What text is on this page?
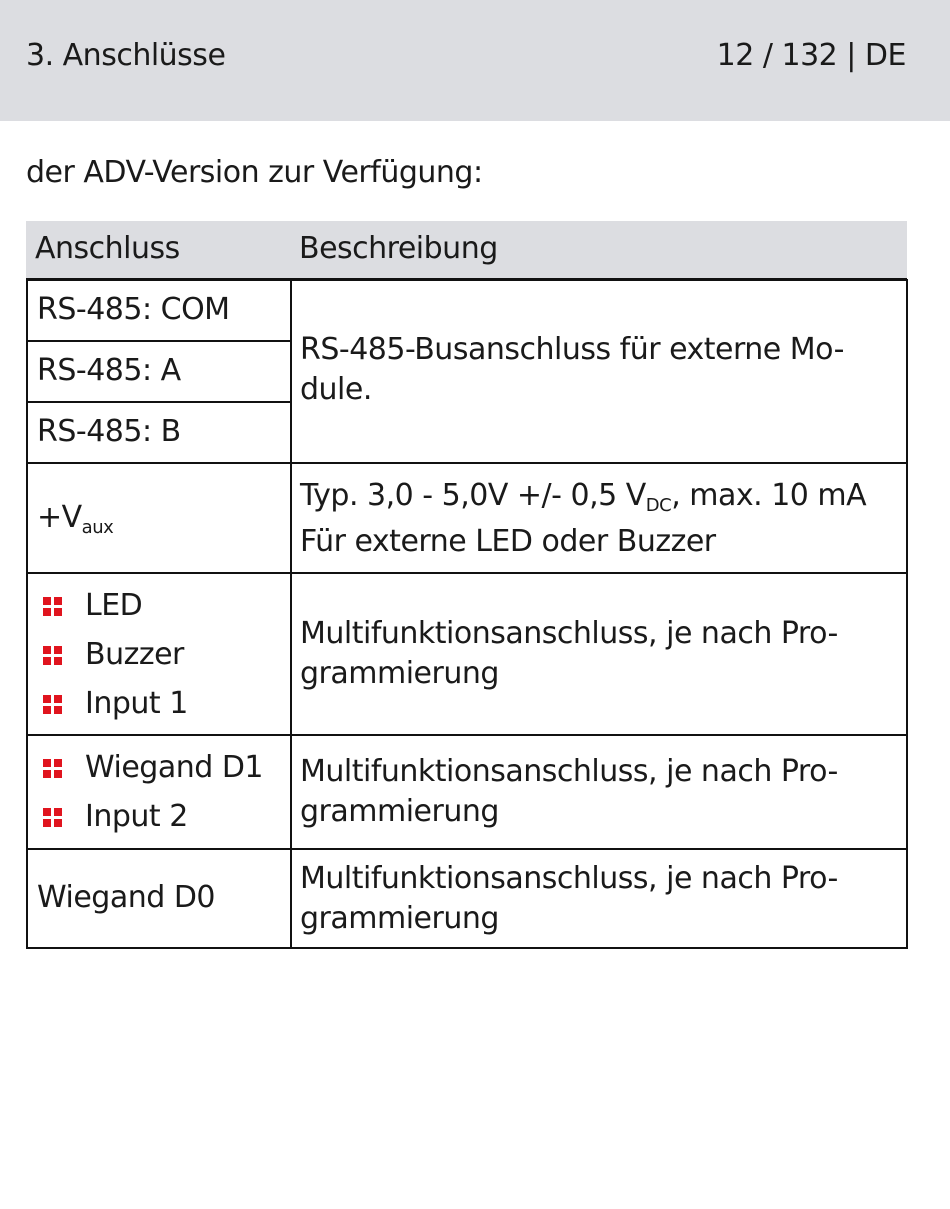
3. Anschlüsse	12 / 132 | DE
der ADV-Version zur Verfügung:
Anschluss	Beschreibung
RS-485: COM
RS-485: A
RS-485: B
RS-485-Busanschluss für externe Mo-dule.
$+V_{aux}$
Typ. 3,0 - 5,0V +/- 0,5 $V_{DC}$, max. 10 mA
Für externe LED oder Buzzer
LED
Buzzer
Input 1
Multifunktionsanschluss, je nach Pro-grammierung
Wiegand D1
Input 2
Multifunktionsanschluss, je nach Pro-grammierung
Wiegand D0
Multifunktionsanschluss, je nach Pro-grammierung
